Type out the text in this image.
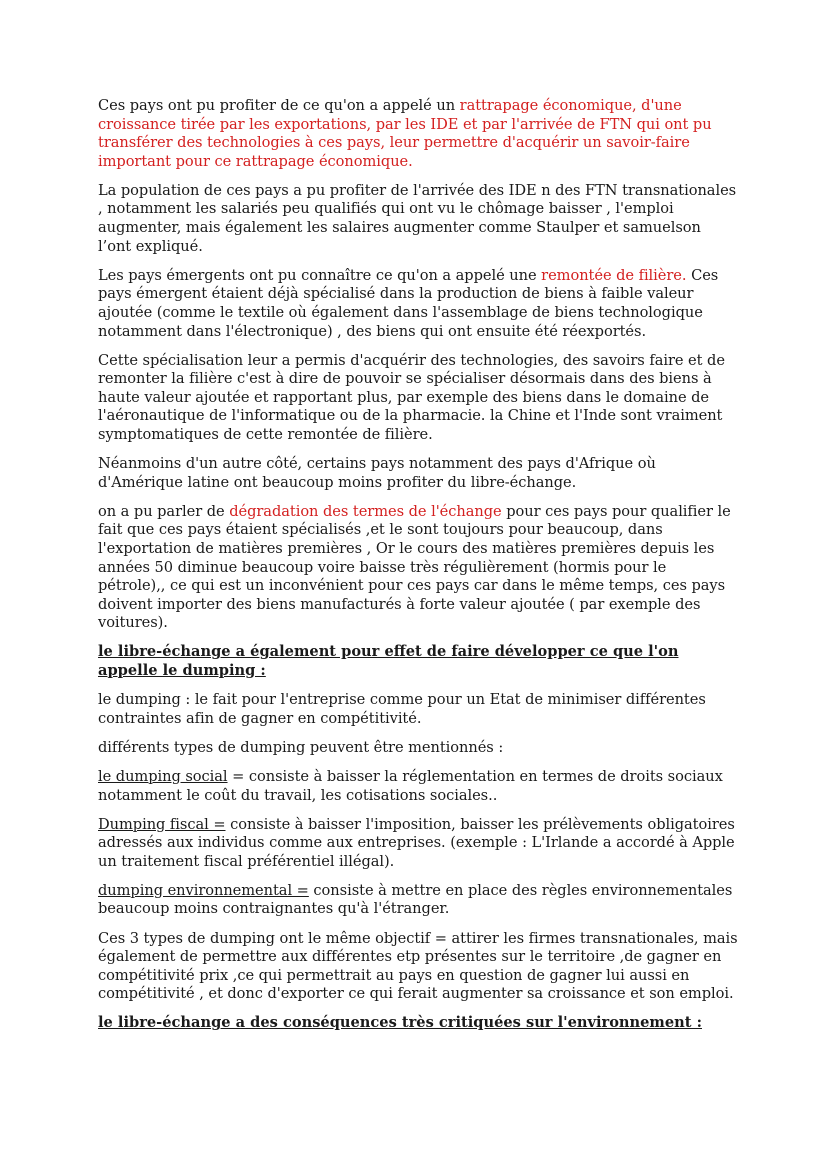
Ces pays ont pu profiter de ce qu'on a appelé un rattrapage économique, d'une croissance tirée par les exportations, par les IDE et par l'arrivée de FTN qui ont pu transférer des technologies à ces pays, leur permettre d'acquérir un savoir-faire important pour ce rattrapage économique.

La population de ces pays a pu profiter de l'arrivée des IDE n des FTN transnationales , notamment les salariés peu qualifiés qui ont vu le chômage baisser , l'emploi augmenter, mais également les salaires augmenter comme Staulper et samuelson l’ont expliqué.

Les pays émergents ont pu connaître ce qu'on a appelé une remontée de filière. Ces pays émergent étaient déjà spécialisé dans la production de biens à faible valeur ajoutée (comme le textile où également dans l'assemblage de biens technologique notamment dans l'électronique) , des biens qui ont ensuite été réexportés.

Cette spécialisation leur a permis d'acquérir des technologies, des savoirs faire et de remonter la filière c'est à dire de pouvoir se spécialiser désormais dans des biens à haute valeur ajoutée et rapportant plus, par exemple des biens dans le domaine de l'aéronautique de l'informatique ou de la pharmacie. la Chine et l'Inde sont vraiment symptomatiques de cette remontée de filière.

Néanmoins d'un autre côté, certains pays notamment des pays d'Afrique où d'Amérique latine ont beaucoup moins profiter du libre-échange.

on a pu parler de dégradation des termes de l'échange pour ces pays pour qualifier le fait que ces pays étaient spécialisés ,et le sont toujours pour beaucoup, dans l'exportation de matières premières , Or le cours des matières premières depuis les années 50 diminue beaucoup voire baisse très régulièrement (hormis pour le pétrole),, ce qui est un inconvénient pour ces pays car dans le même temps, ces pays doivent importer des biens manufacturés à forte valeur ajoutée ( par exemple des voitures).

le libre-échange a également pour effet de faire développer ce que l'on appelle le dumping :

le dumping : le fait pour l'entreprise comme pour un Etat de minimiser différentes contraintes afin de gagner en compétitivité.

différents types de dumping peuvent être mentionnés :

le dumping social = consiste à baisser la réglementation en termes de droits sociaux notamment le coût du travail, les cotisations sociales..

Dumping fiscal = consiste à baisser l'imposition, baisser les prélèvements obligatoires adressés aux individus comme aux entreprises. (exemple : L'Irlande a accordé à Apple un traitement fiscal préférentiel illégal).

dumping environnemental = consiste à mettre en place des règles environnementales beaucoup moins contraignantes qu'à l'étranger.

Ces 3 types de dumping ont le même objectif = attirer les firmes transnationales, mais également de permettre aux différentes etp présentes sur le territoire ,de gagner en compétitivité prix ,ce qui permettrait au pays en question de gagner lui aussi en compétitivité , et donc d'exporter ce qui ferait augmenter sa croissance et son emploi.

le libre-échange a des conséquences très critiquées sur l'environnement :
